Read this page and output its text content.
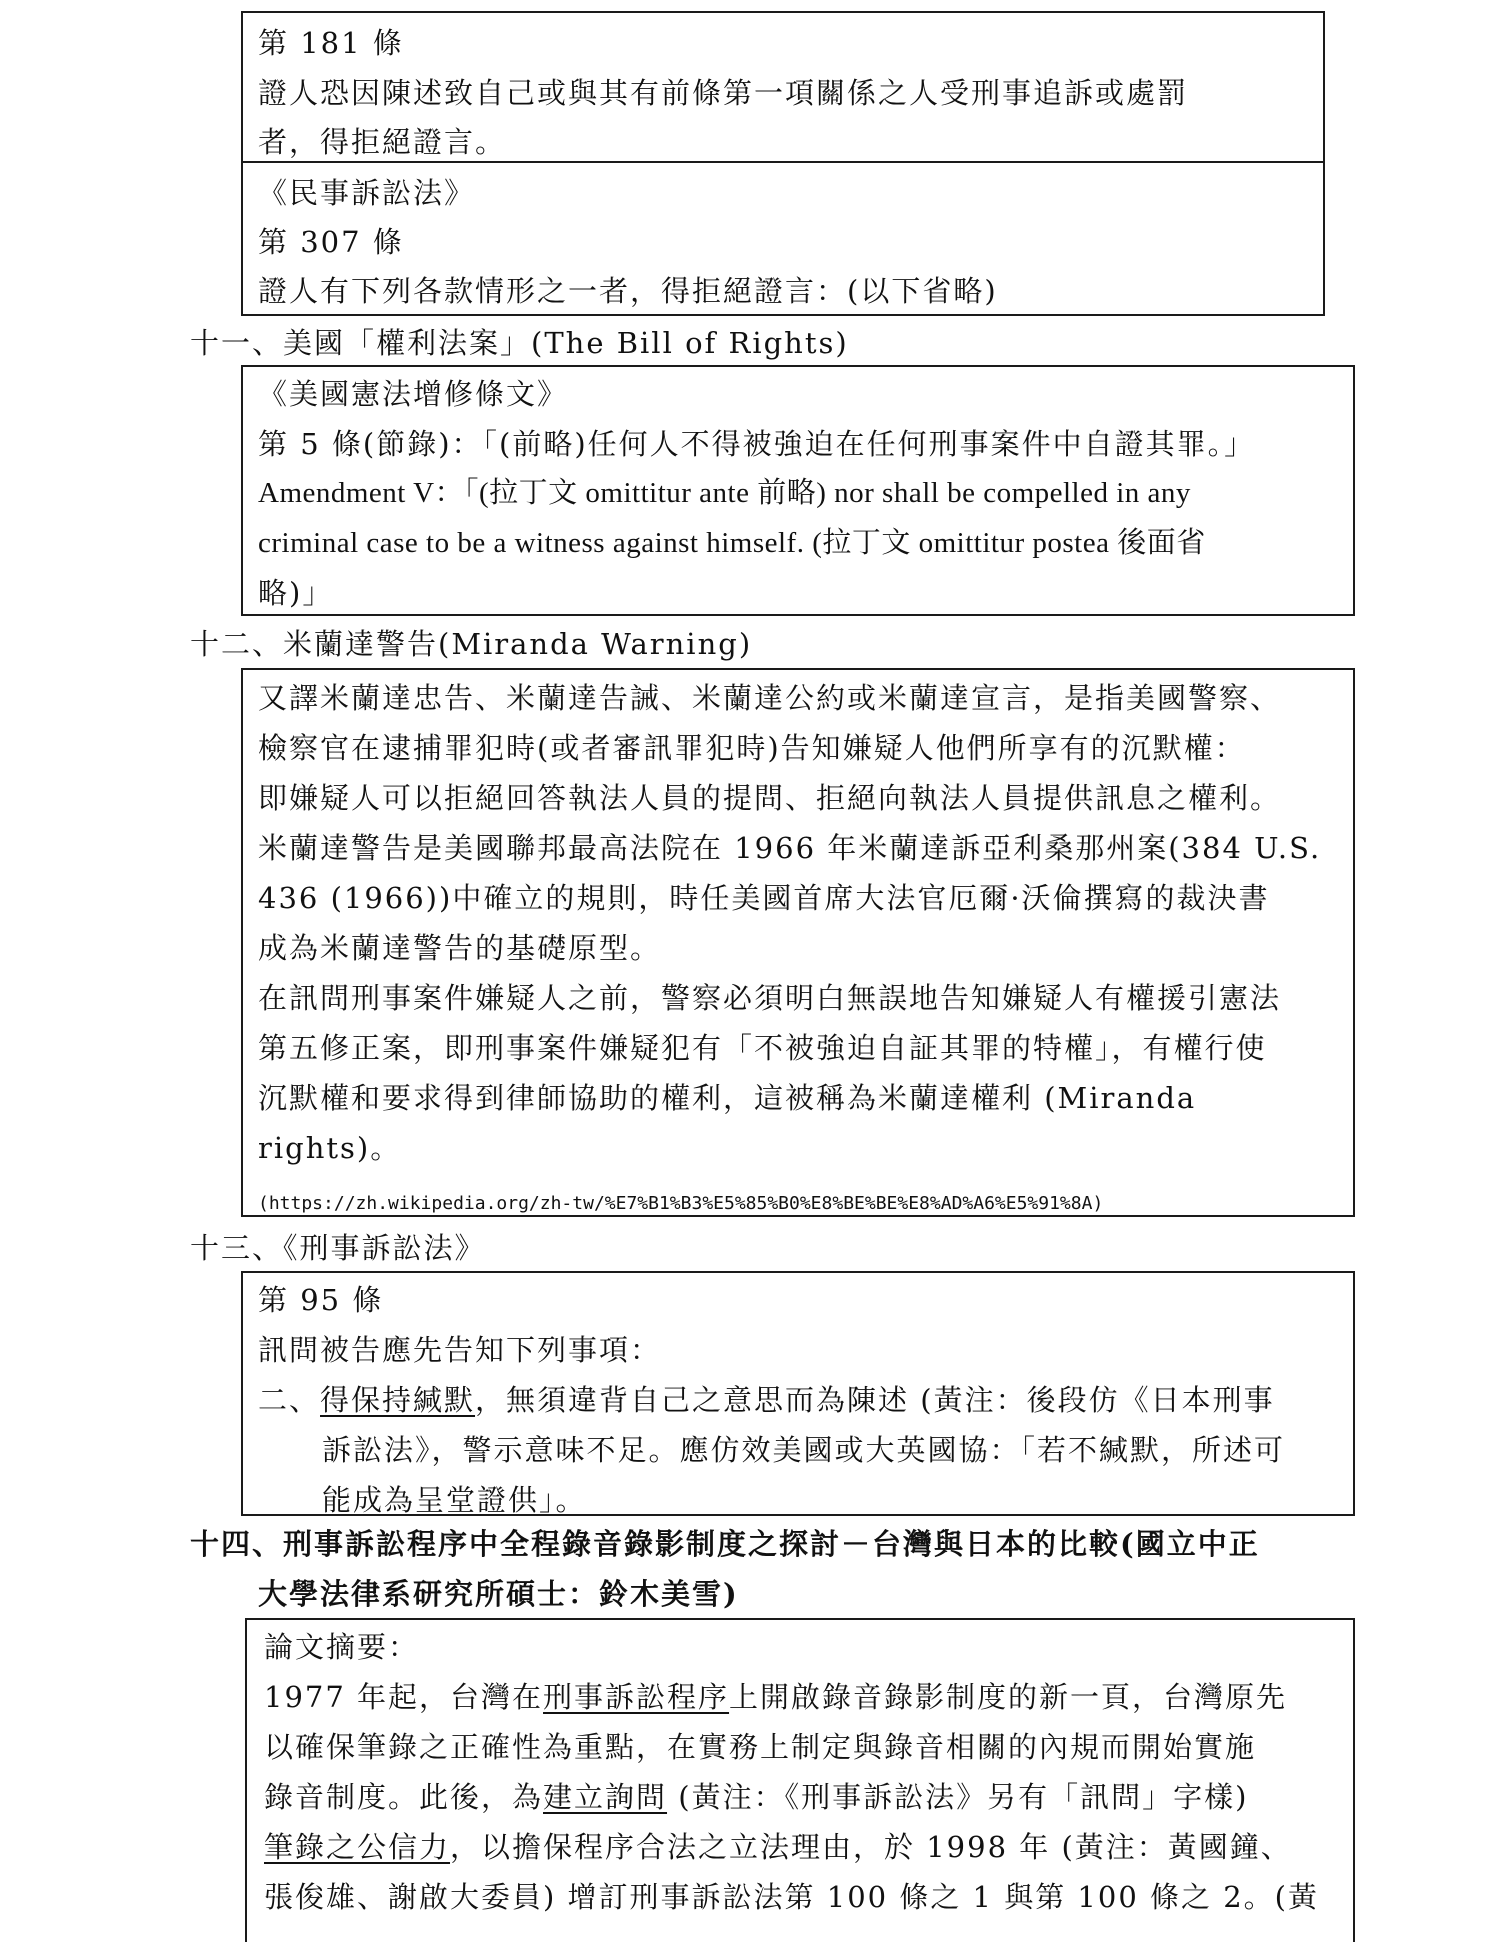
第 181 條
證人恐因陳述致自己或與其有前條第一項關係之人受刑事追訴或處罰
者，得拒絕證言。
《民事訴訟法》
第 307 條
證人有下列各款情形之一者，得拒絕證言：(以下省略)
十一、美國「權利法案」(The Bill of Rights)
《美國憲法增修條文》
第 5 條(節錄)：「(前略)任何人不得被強迫在任何刑事案件中自證其罪。」
Amendment V：「(拉丁文 omittitur ante 前略) nor shall be compelled in any
criminal case to be a witness against himself. (拉丁文 omittitur postea 後面省
略)」
十二、米蘭達警告(Miranda Warning)
又譯米蘭達忠告、米蘭達告誡、米蘭達公約或米蘭達宣言，是指美國警察、
檢察官在逮捕罪犯時(或者審訊罪犯時)告知嫌疑人他們所享有的沉默權：
即嫌疑人可以拒絕回答執法人員的提問、拒絕向執法人員提供訊息之權利。
米蘭達警告是美國聯邦最高法院在 1966 年米蘭達訴亞利桑那州案(384 U.S.
436 (1966))中確立的規則，時任美國首席大法官厄爾·沃倫撰寫的裁決書
成為米蘭達警告的基礎原型。
在訊問刑事案件嫌疑人之前，警察必須明白無誤地告知嫌疑人有權援引憲法
第五修正案，即刑事案件嫌疑犯有「不被強迫自証其罪的特權」，有權行使
沉默權和要求得到律師協助的權利，這被稱為米蘭達權利 (Miranda
rights)。
(https://zh.wikipedia.org/zh-tw/%E7%B1%B3%E5%85%B0%E8%BE%BE%E8%AD%A6%E5%91%8A)
十三、《刑事訴訟法》
第 95 條
訊問被告應先告知下列事項：
二、得保持緘默，無須違背自己之意思而為陳述 (黃注：後段仿《日本刑事
訴訟法》，警示意味不足。應仿效美國或大英國協：「若不緘默，所述可
能成為呈堂證供」。
十四、刑事訴訟程序中全程錄音錄影制度之探討－台灣與日本的比較(國立中正
大學法律系研究所碩士：鈴木美雪)
論文摘要：
1977 年起，台灣在刑事訴訟程序上開啟錄音錄影制度的新一頁，台灣原先
以確保筆錄之正確性為重點，在實務上制定與錄音相關的內規而開始實施
錄音制度。此後，為建立詢問 (黃注：《刑事訴訟法》另有「訊問」字樣)
筆錄之公信力，以擔保程序合法之立法理由，於 1998 年 (黃注：黃國鐘、
張俊雄、謝啟大委員) 增訂刑事訴訟法第 100 條之 1 與第 100 條之 2。(黃
